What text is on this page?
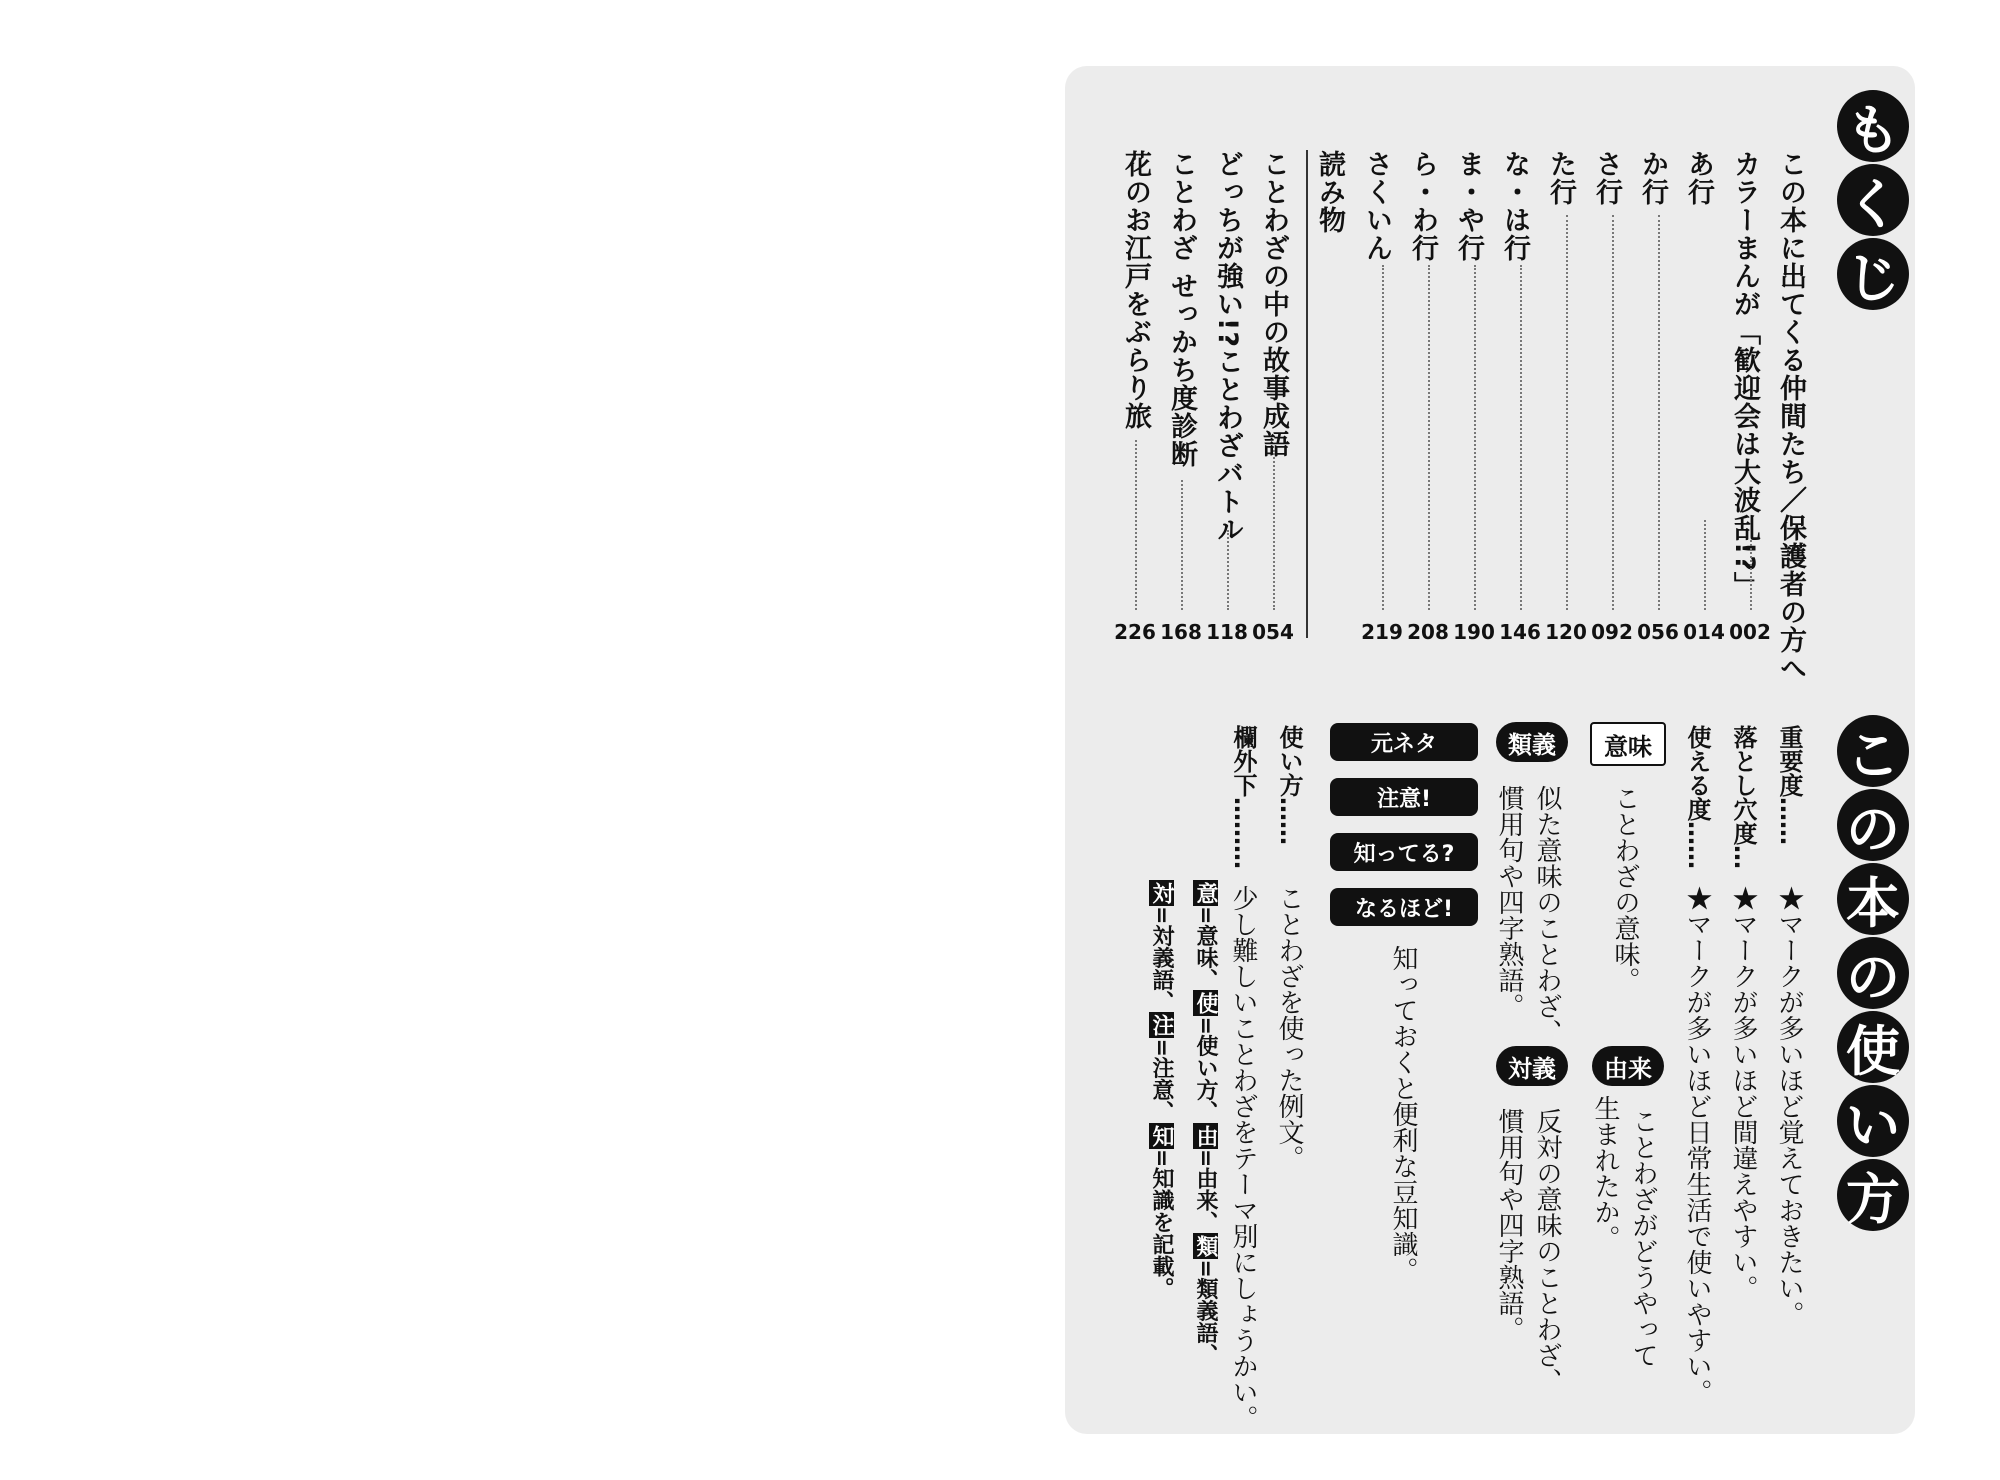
も
く
じ
この本に出てくる仲間たち／保護者の方へ
カラーまんが「歓迎会は大波乱!?」
あ行
か行
さ行
た行
な・は行
ま・や行
ら・わ行
さくいん
002
014
056
092
120
146
190
208
219
読み物
ことわざの中の故事成語
どっちが強い!?ことわざバトル
ことわざ せっかち度診断
花のお江戸をぶらり旅
054
118
168
226
こ
の
本
の
使
い
方
重要度……
★マークが多いほど覚えておきたい。
落とし穴度…
★マークが多いほど間違えやすい。
使える度……
★マークが多いほど日常生活で使いやすい。
意味
ことわざの意味。
由来
ことわざがどうやって
生まれたか。
類義
似た意味のことわざ、
慣用句や四字熟語。
対義
反対の意味のことわざ、
慣用句や四字熟語。
元ネタ
注意!
知ってる?
なるほど!
知っておくと便利な豆知識。
使い方……
ことわざを使った例文。
欄外下………
少し難しいことわざをテーマ別にしょうかい。
意=意味、使=使い方、由=由来、類=類義語、
対=対義語、注=注意、知=知識を記載。
